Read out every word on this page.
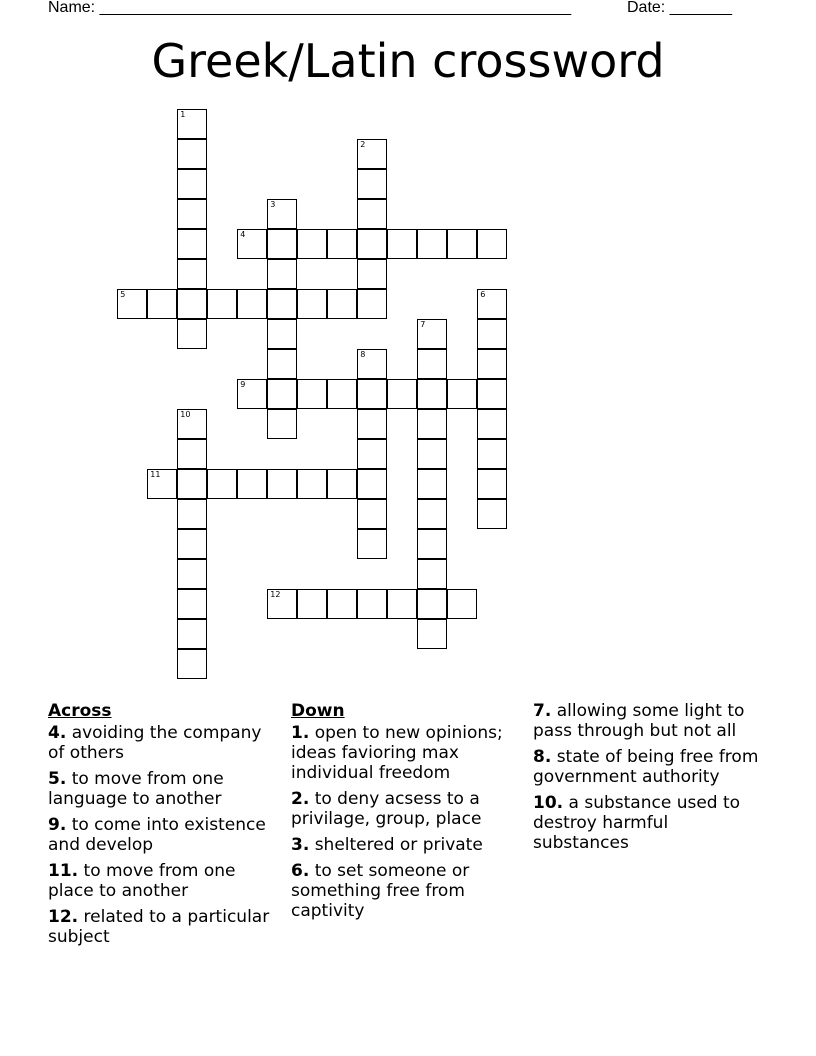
Name: _____________________________________________________	Date: _______
Greek/Latin crossword
4
5
9
11
12
1
2
3
6
7
8
10
Across
4. avoiding the company of others
5. to move from one language to another
9. to come into existence and develop
11. to move from one place to another
12. related to a particular subject
Down
1. open to new opinions; ideas favioring max individual freedom
2. to deny acsess to a privilage, group, place
3. sheltered or private
6. to set someone or something free from captivity
7. allowing some light to pass through but not all
8. state of being free from government authority
10. a substance used to destroy harmful substances
